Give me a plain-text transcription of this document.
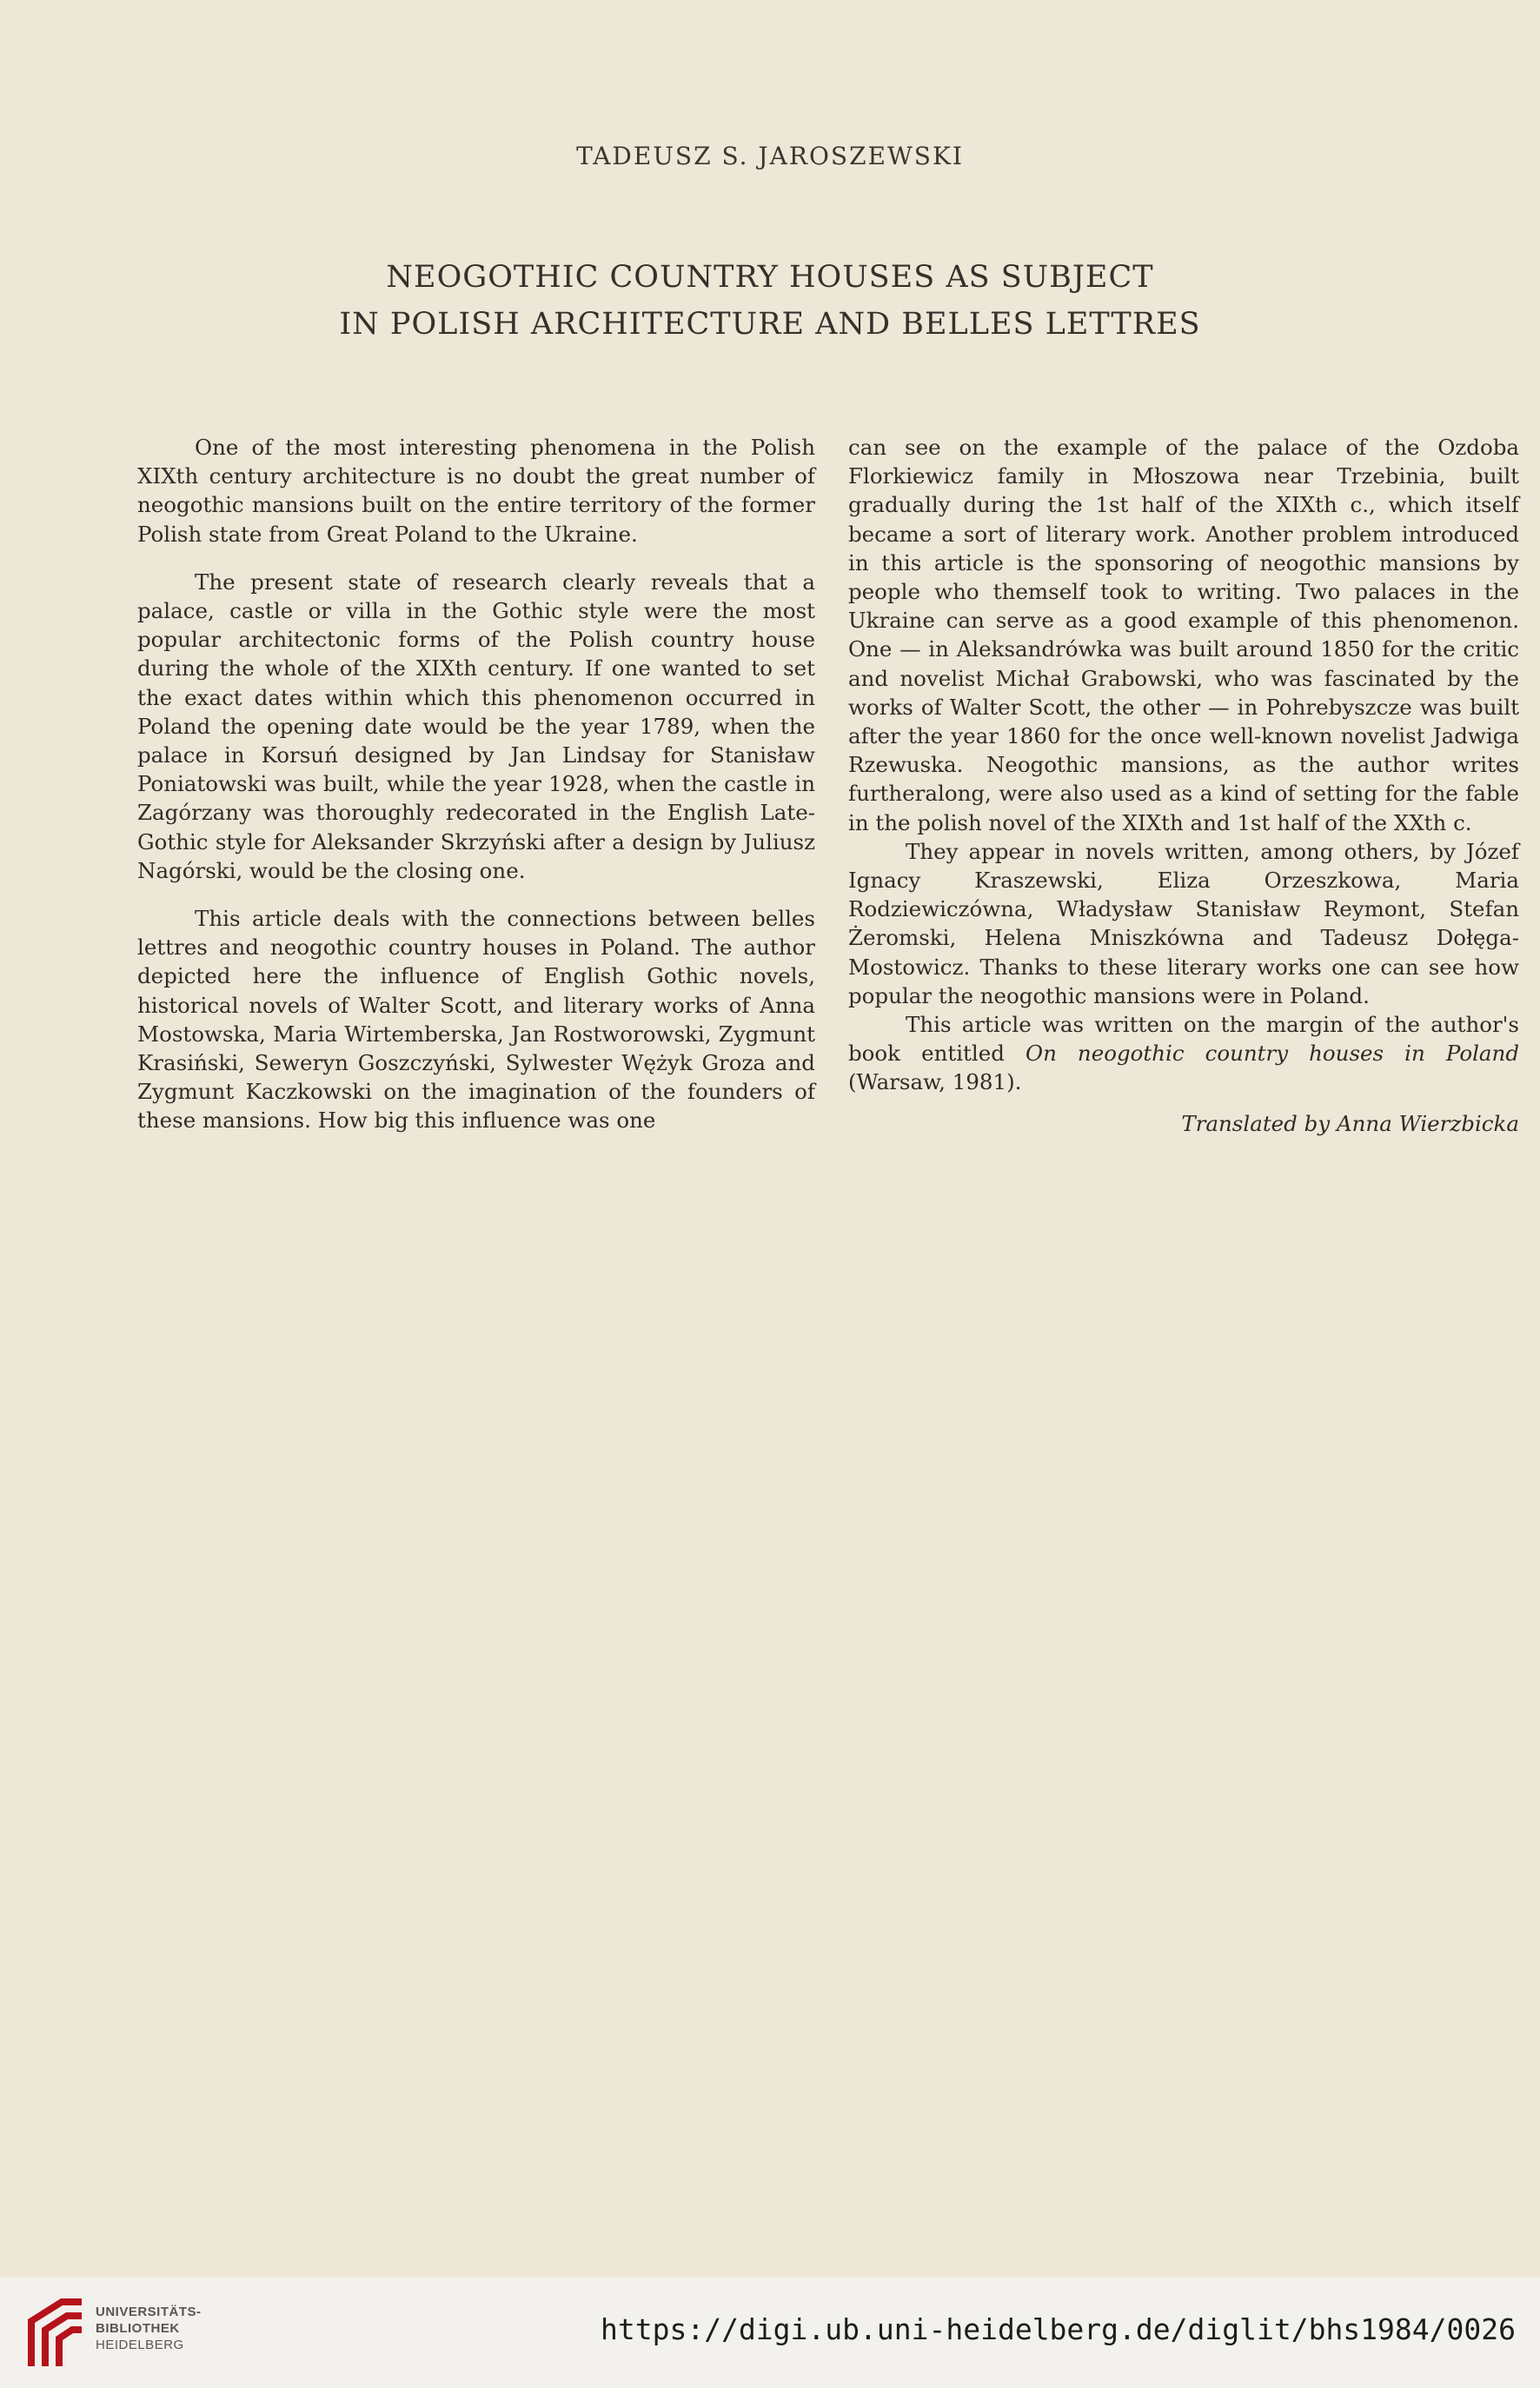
TADEUSZ S. JAROSZEWSKI
NEOGOTHIC COUNTRY HOUSES AS SUBJECT
IN POLISH ARCHITECTURE AND BELLES LETTRES

One of the most interesting phenomena in the Polish XIXth century architecture is no doubt the great number of neogothic mansions built on the entire territory of the former Polish state from Great Poland to the Ukraine.

The present state of research clearly reveals that a palace, castle or villa in the Gothic style were the most popular architectonic forms of the Polish country house during the whole of the XIXth century. If one wanted to set the exact dates within which this phenomenon occurred in Poland the opening date would be the year 1789, when the palace in Korsuń designed by Jan Lindsay for Stanisław Poniatowski was built, while the year 1928, when the castle in Zagórzany was thoroughly redecorated in the English Late-Gothic style for Aleksander Skrzyński after a design by Juliusz Nagórski, would be the closing one.

This article deals with the connections between belles lettres and neogothic country houses in Poland. The author depicted here the influence of English Gothic novels, historical novels of Walter Scott, and literary works of Anna Mostowska, Maria Wirtemberska, Jan Rostworowski, Zygmunt Krasiński, Seweryn Goszczyński, Sylwester Wężyk Groza and Zygmunt Kaczkowski on the imagination of the founders of these mansions. How big this influence was one

can see on the example of the palace of the Ozdoba Florkiewicz family in Młoszowa near Trzebinia, built gradually during the 1st half of the XIXth c., which itself became a sort of literary work. Another problem introduced in this article is the sponsoring of neogothic mansions by people who themself took to writing. Two palaces in the Ukraine can serve as a good example of this phenomenon. One — in Aleksandrówka was built around 1850 for the critic and novelist Michał Grabowski, who was fascinated by the works of Walter Scott, the other — in Pohrebyszcze was built after the year 1860 for the once well-known novelist Jadwiga Rzewuska. Neogothic mansions, as the author writes furtheralong, were also used as a kind of setting for the fable in the polish novel of the XIXth and 1st half of the XXth c.

They appear in novels written, among others, by Józef Ignacy Kraszewski, Eliza Orzeszkowa, Maria Rodziewiczówna, Władysław Stanisław Reymont, Stefan Żeromski, Helena Mniszkówna and Tadeusz Dołęga-Mostowicz. Thanks to these literary works one can see how popular the neogothic mansions were in Poland.

This article was written on the margin of the author's book entitled On neogothic country houses in Poland (Warsaw, 1981).

Translated by Anna Wierzbicka
UNIVERSITÄTS-
BIBLIOTHEK
HEIDELBERG	https://digi.ub.uni-heidelberg.de/diglit/bhs1984/0026
